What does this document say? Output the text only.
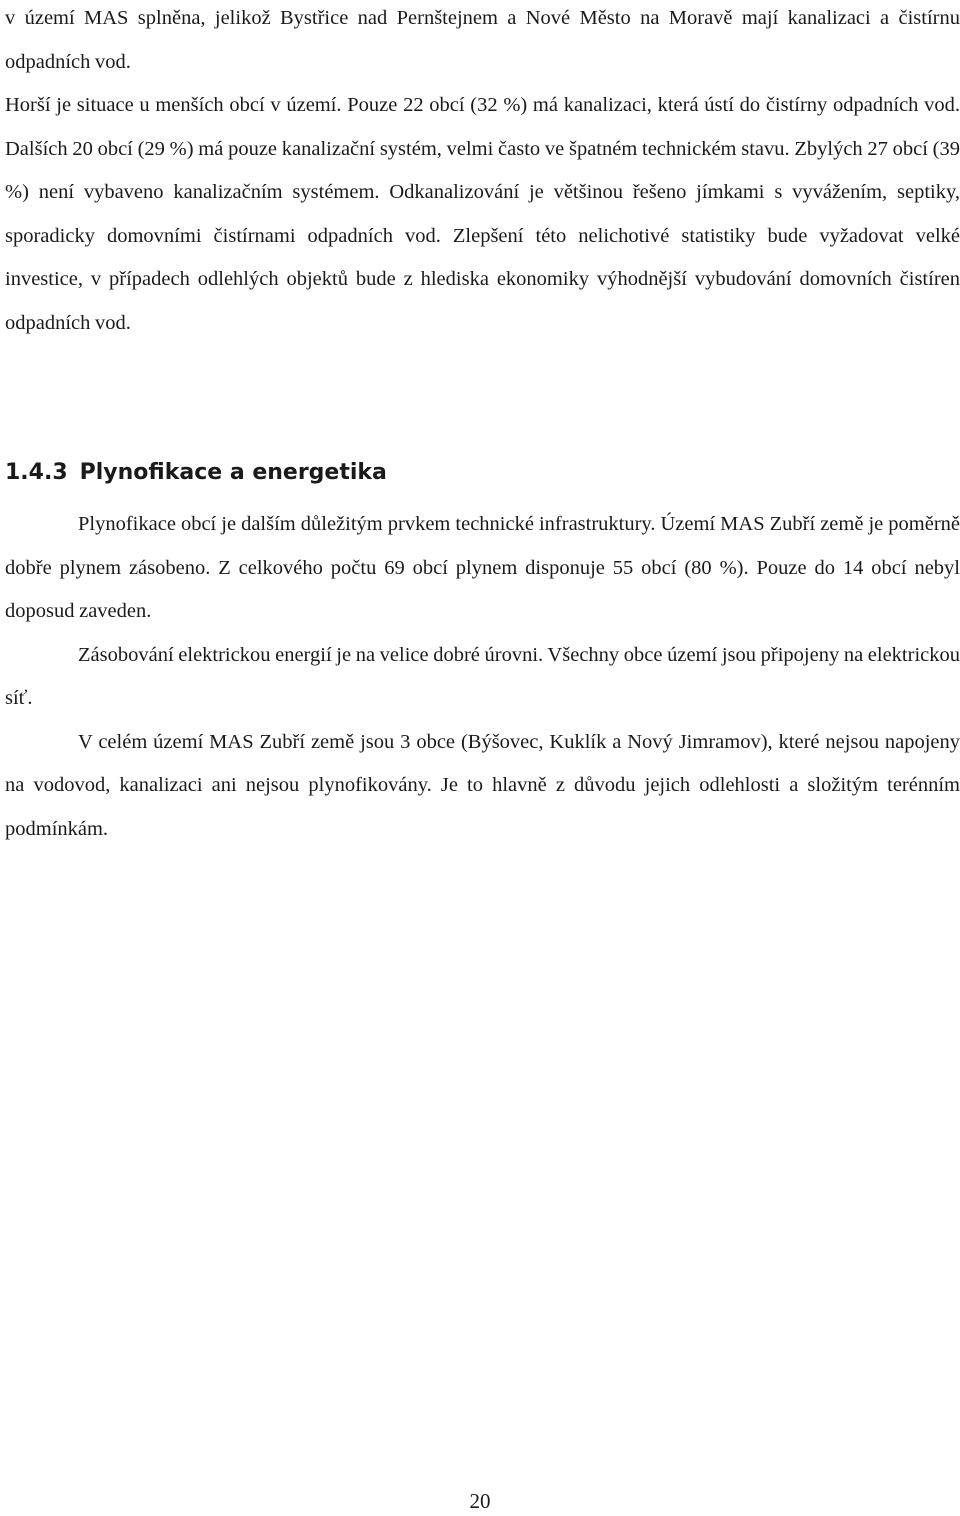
v území MAS splněna, jelikož Bystřice nad Pernštejnem a Nové Město na Moravě mají kanalizaci a čistírnu odpadních vod.

Horší je situace u menších obcí v území. Pouze 22 obcí (32 %) má kanalizaci, která ústí do čistírny odpadních vod. Dalších 20 obcí (29 %) má pouze kanalizační systém, velmi často ve špatném technickém stavu. Zbylých 27 obcí (39 %) není vybaveno kanalizačním systémem. Odkanalizování je většinou řešeno jímkami s vyvážením, septiky, sporadicky domovními čistírnami odpadních vod. Zlepšení této nelichotivé statistiky bude vyžadovat velké investice, v případech odlehlých objektů bude z hlediska ekonomiky výhodnější vybudování domovních čistíren odpadních vod.

1.4.3 Plynofikace a energetika

Plynofikace obcí je dalším důležitým prvkem technické infrastruktury. Území MAS Zubří země je poměrně dobře plynem zásobeno. Z celkového počtu 69 obcí plynem disponuje 55 obcí (80 %). Pouze do 14 obcí nebyl doposud zaveden.

Zásobování elektrickou energií je na velice dobré úrovni. Všechny obce území jsou připojeny na elektrickou síť.

V celém území MAS Zubří země jsou 3 obce (Býšovec, Kuklík a Nový Jimramov), které nejsou napojeny na vodovod, kanalizaci ani nejsou plynofikovány. Je to hlavně z důvodu jejich odlehlosti a složitým terénním podmínkám.

20
